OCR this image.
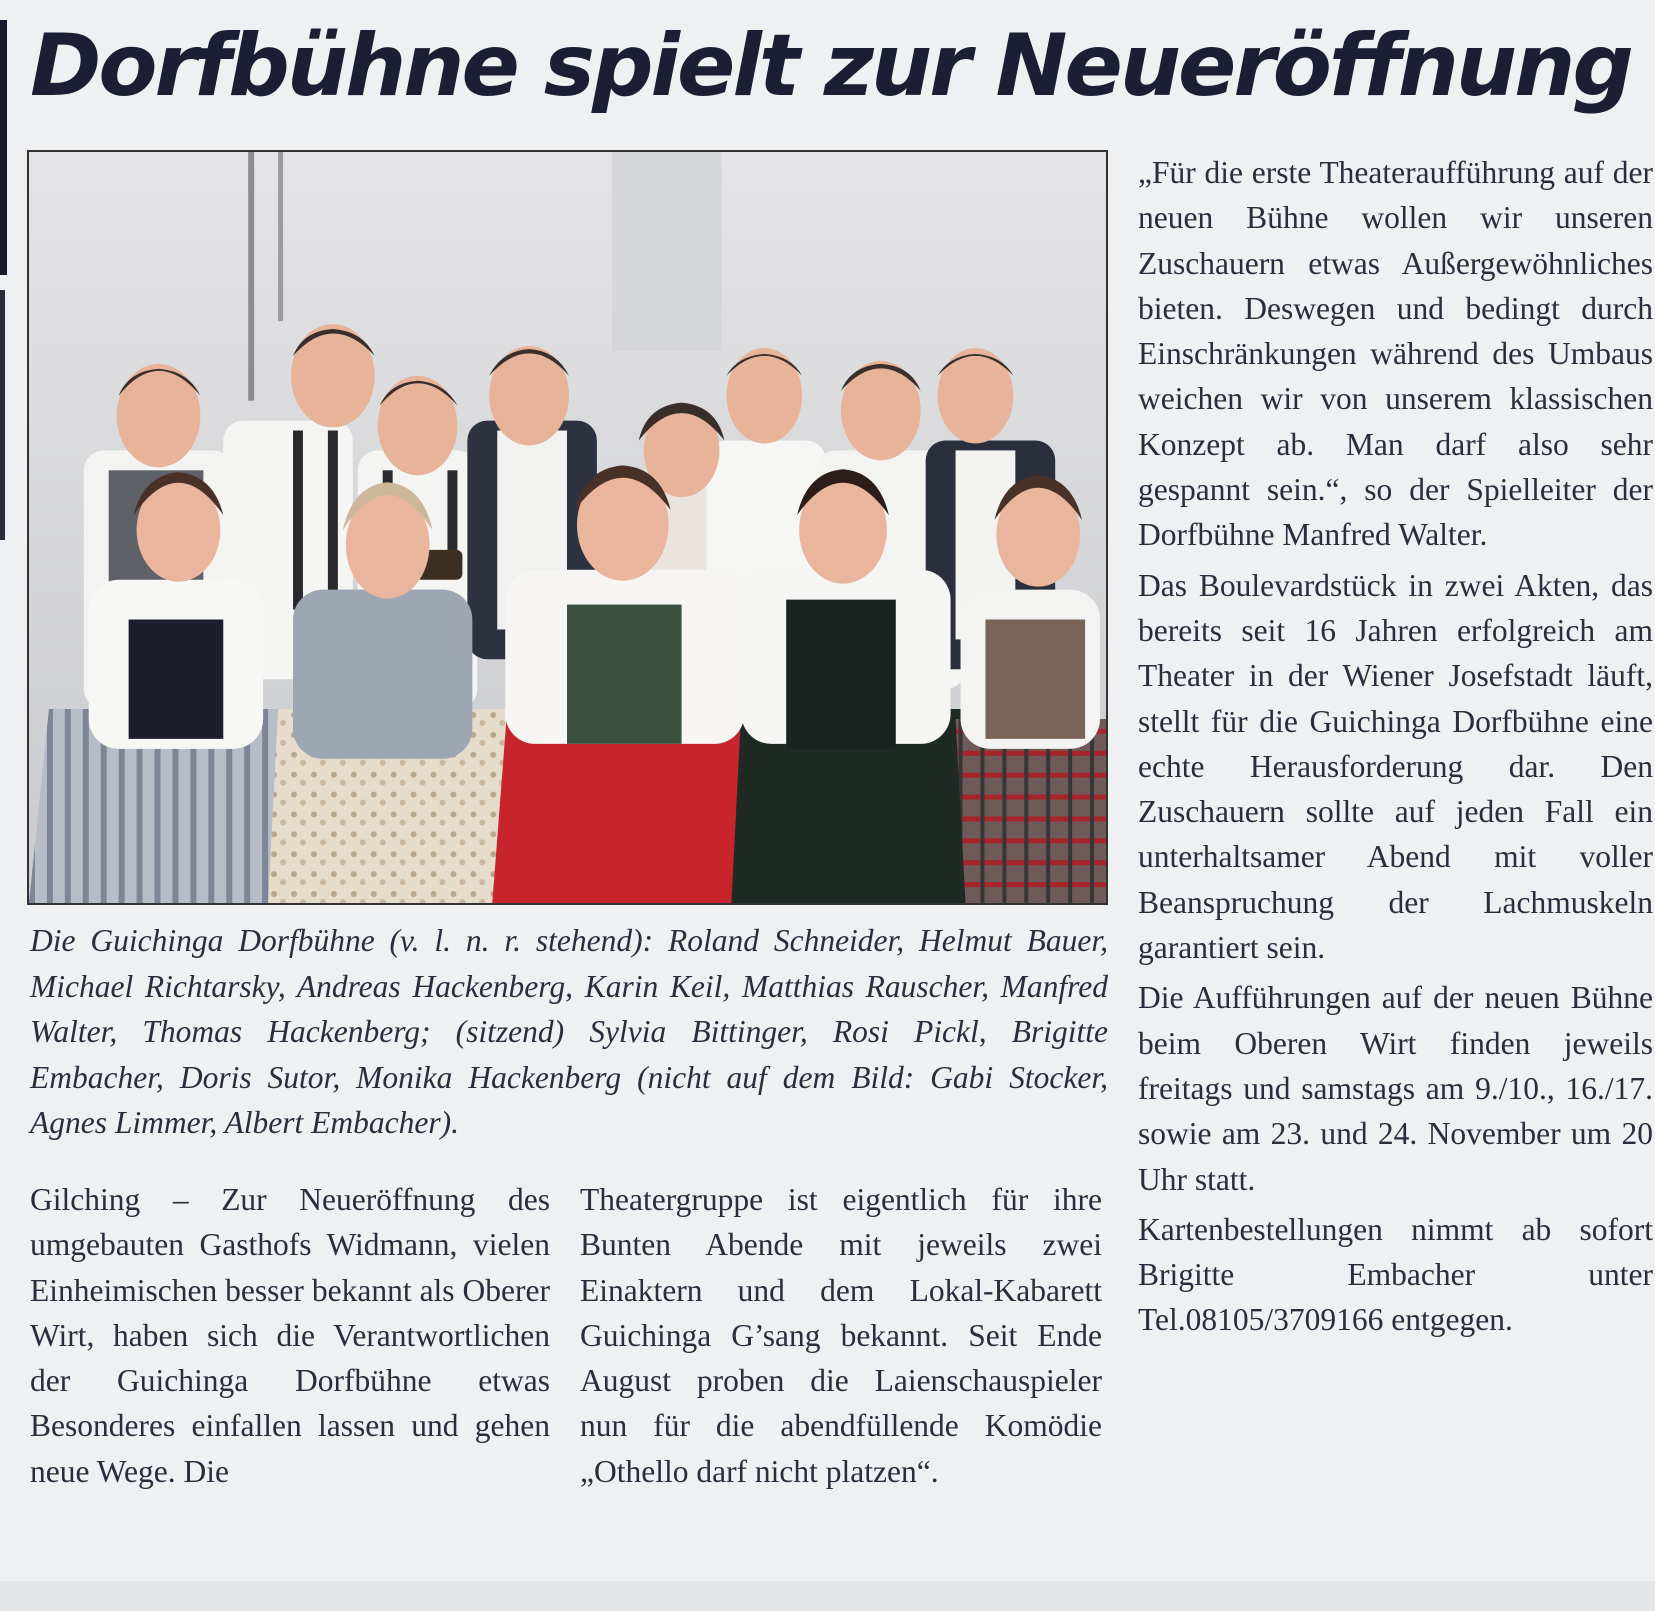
Dorfbühne spielt zur Neueröffnung

Die Guichinga Dorfbühne (v. l. n. r. stehend): Roland Schneider, Helmut Bauer, Michael Richtarsky, Andreas Hackenberg, Karin Keil, Matthias Rauscher, Manfred Walter, Thomas Hackenberg; (sitzend) Sylvia Bittinger, Rosi Pickl, Brigitte Embacher, Doris Sutor, Monika Hackenberg (nicht auf dem Bild: Gabi Stocker, Agnes Limmer, Albert Embacher).

Gilching – Zur Neueröffnung des umgebauten Gasthofs Widmann, vielen Einheimischen besser bekannt als Oberer Wirt, haben sich die Verantwortlichen der Guichinga Dorfbühne etwas Besonderes einfallen lassen und gehen neue Wege. Die

Theatergruppe ist eigentlich für ihre Bunten Abende mit jeweils zwei Einaktern und dem Lokal-Kabarett Guichinga G’sang bekannt. Seit Ende August proben die Laienschauspieler nun für die abendfüllende Komödie „Othello darf nicht platzen“.

„Für die erste Theateraufführung auf der neuen Bühne wollen wir unseren Zuschauern etwas Außergewöhnliches bieten. Deswegen und bedingt durch Einschränkungen während des Umbaus weichen wir von unserem klassischen Konzept ab. Man darf also sehr gespannt sein.“, so der Spielleiter der Dorfbühne Manfred Walter.

Das Boulevardstück in zwei Akten, das bereits seit 16 Jahren erfolgreich am Theater in der Wiener Josefstadt läuft, stellt für die Guichinga Dorfbühne eine echte Herausforderung dar. Den Zuschauern sollte auf jeden Fall ein unterhaltsamer Abend mit voller Beanspruchung der Lachmuskeln garantiert sein.

Die Aufführungen auf der neuen Bühne beim Oberen Wirt finden jeweils freitags und samstags am 9./10., 16./17. sowie am 23. und 24. November um 20 Uhr statt.

Kartenbestellungen nimmt ab sofort Brigitte Embacher unter Tel.08105/3709166 entgegen.
